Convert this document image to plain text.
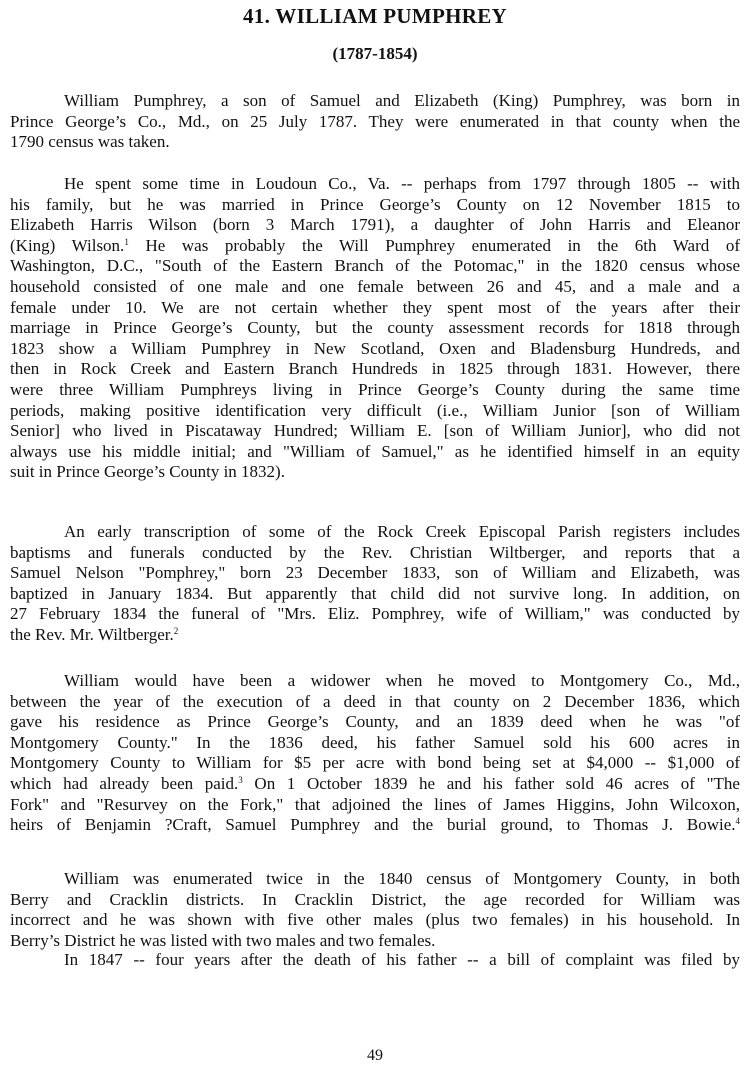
41. WILLIAM PUMPHREY
(1787-1854)
William Pumphrey, a son of Samuel and Elizabeth (King) Pumphrey, was born in
Prince George’s Co., Md., on 25 July 1787. They were enumerated in that county when the
1790 census was taken.
He spent some time in Loudoun Co., Va. -- perhaps from 1797 through 1805 -- with
his family, but he was married in Prince George’s County on 12 November 1815 to
Elizabeth Harris Wilson (born 3 March 1791), a daughter of John Harris and Eleanor
(King) Wilson.$^1$ He was probably the Will Pumphrey enumerated in the 6th Ward of
Washington, D.C., "South of the Eastern Branch of the Potomac," in the 1820 census whose
household consisted of one male and one female between 26 and 45, and a male and a
female under 10. We are not certain whether they spent most of the years after their
marriage in Prince George’s County, but the county assessment records for 1818 through
1823 show a William Pumphrey in New Scotland, Oxen and Bladensburg Hundreds, and
then in Rock Creek and Eastern Branch Hundreds in 1825 through 1831. However, there
were three William Pumphreys living in Prince George’s County during the same time
periods, making positive identification very difficult (i.e., William Junior [son of William
Senior] who lived in Piscataway Hundred; William E. [son of William Junior], who did not
always use his middle initial; and "William of Samuel," as he identified himself in an equity
suit in Prince George’s County in 1832).
An early transcription of some of the Rock Creek Episcopal Parish registers includes
baptisms and funerals conducted by the Rev. Christian Wiltberger, and reports that a
Samuel Nelson "Pomphrey," born 23 December 1833, son of William and Elizabeth, was
baptized in January 1834. But apparently that child did not survive long. In addition, on
27 February 1834 the funeral of "Mrs. Eliz. Pomphrey, wife of William," was conducted by
the Rev. Mr. Wiltberger.$^2$
William would have been a widower when he moved to Montgomery Co., Md.,
between the year of the execution of a deed in that county on 2 December 1836, which
gave his residence as Prince George’s County, and an 1839 deed when he was "of
Montgomery County." In the 1836 deed, his father Samuel sold his 600 acres in
Montgomery County to William for $5 per acre with bond being set at $4,000 -- $1,000 of
which had already been paid.$^3$ On 1 October 1839 he and his father sold 46 acres of "The
Fork" and "Resurvey on the Fork," that adjoined the lines of James Higgins, John Wilcoxon,
heirs of Benjamin ?Craft, Samuel Pumphrey and the burial ground, to Thomas J. Bowie.$^4$
William was enumerated twice in the 1840 census of Montgomery County, in both
Berry and Cracklin districts. In Cracklin District, the age recorded for William was
incorrect and he was shown with five other males (plus two females) in his household. In
Berry’s District he was listed with two males and two females.
In 1847 -- four years after the death of his father -- a bill of complaint was filed by
49
